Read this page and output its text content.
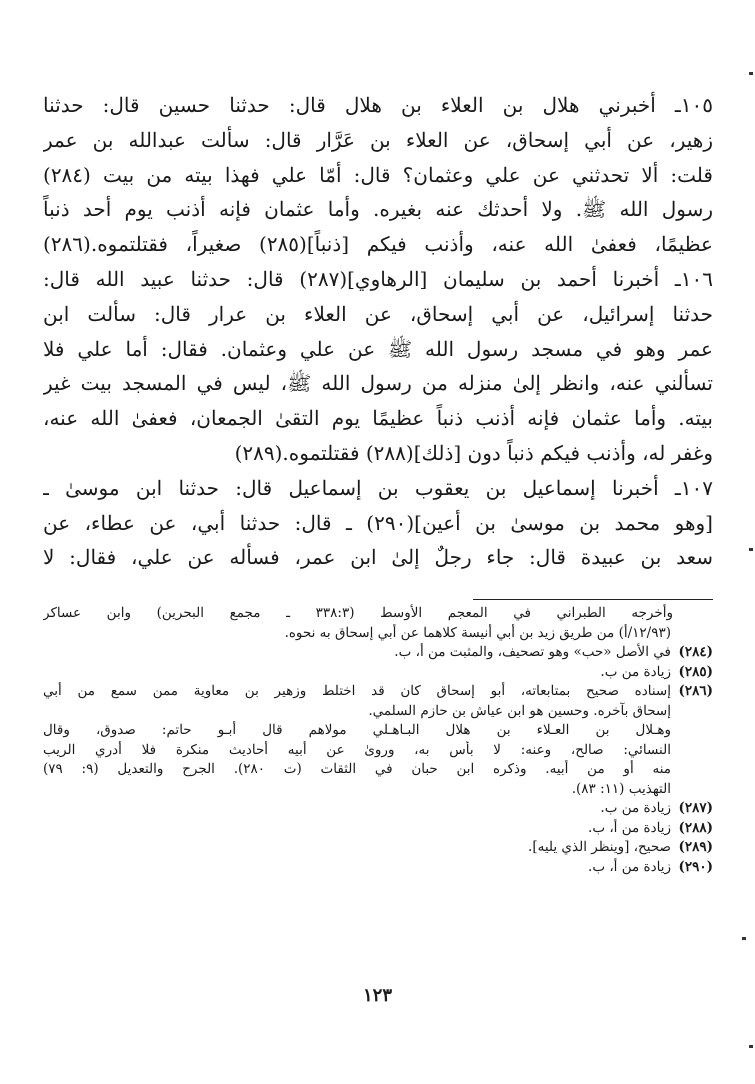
١٠٥ـ أخبرني هلال بن العلاء بن هلال قال: حدثنا حسين قال: حدثنا
زهير، عن أبي إسحاق، عن العلاء بن عَرَّار قال: سألت عبدالله بن عمر
قلت: ألا تحدثني عن علي وعثمان؟ قال: أمّا علي فهذا بيته من بيت (٢٨٤)
رسول الله ﷺ. ولا أحدثك عنه بغيره. وأما عثمان فإنه أذنب يوم أحد ذنباً
عظيمًا، فعفىٰ الله عنه، وأذنب فيكم [ذنباً](٢٨٥) صغيراً، فقتلتموه.(٢٨٦)
١٠٦ـ أخبرنا أحمد بن سليمان [الرهاوي](٢٨٧) قال: حدثنا عبيد الله قال:
حدثنا إسرائيل، عن أبي إسحاق، عن العلاء بن عرار قال: سألت ابن
عمر وهو في مسجد رسول الله ﷺ عن علي وعثمان. فقال: أما علي فلا
تسألني عنه، وانظر إلىٰ منزله من رسول الله ﷺ، ليس في المسجد بيت غير
بيته. وأما عثمان فإنه أذنب ذنباً عظيمًا يوم التقىٰ الجمعان، فعفىٰ الله عنه،
وغفر له، وأذنب فيكم ذنباً دون [ذلك](٢٨٨) فقتلتموه.(٢٨٩)
١٠٧ـ أخبرنا إسماعيل بن يعقوب بن إسماعيل قال: حدثنا ابن موسىٰ ـ
[وهو محمد بن موسىٰ بن أعين](٢٩٠) ـ قال: حدثنا أبي، عن عطاء، عن
سعد بن عبيدة قال: جاء رجلٌ إلىٰ ابن عمر، فسأله عن علي، فقال: لا
وأخرجه الطبراني في المعجم الأوسط (٣٣٨:٣ ـ مجمع البحرين) وابن عساكر
(١٢/٩٣/أ) من طريق زيد بن أبي أنيسة كلاهما عن أبي إسحاق به نحوه.
(٢٨٤)في الأصل «حب» وهو تصحيف، والمثبت من أ، ب.
(٢٨٥)زيادة من ب.
(٢٨٦)إسناده صحيح بمتابعاته، أبو إسحاق كان قد اختلط وزهير بن معاوية ممن سمع من أبي
إسحاق بآخره. وحسين هو ابن عياش بن حازم السلمي.
وهـلال بن العـلاء بن هلال البـاهـلي مولاهم قال أبـو حاتم: صدوق، وقال
النسائي: صالح، وعنه: لا بأس به، وروىٰ عن أبيه أحاديث منكرة فلا أدري الريب
منه أو من أبيه. وذكره ابن حبان في الثقات (ت ٢٨٠). الجرح والتعديل (٩: ٧٩)
التهذيب (١١: ٨٣).
(٢٨٧)زيادة من ب.
(٢٨٨)زيادة من أ، ب.
(٢٨٩)صحيح، [وينظر الذي يليه].
(٢٩٠)زيادة من أ، ب.
١٢٣
